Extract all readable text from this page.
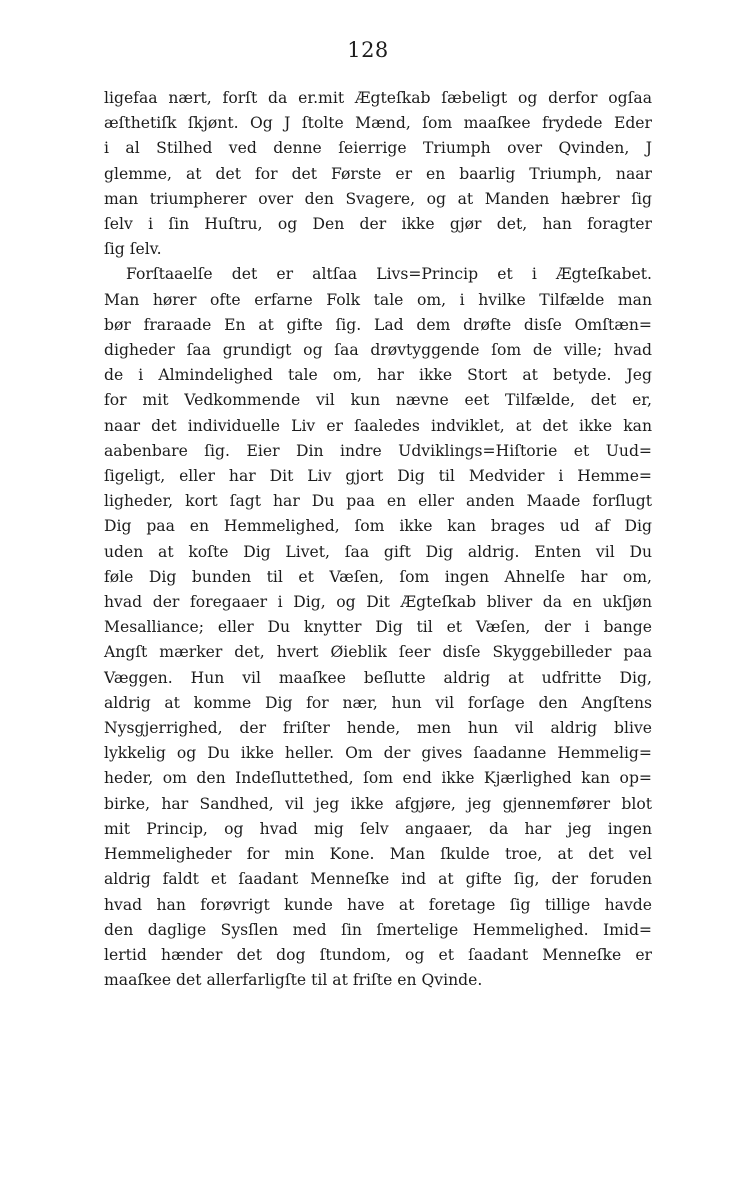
128
ligefaa nært, forſt da er.mit Ægteſkab ſæbeligt og derfor ogſaa
æſthetiſk ſkjønt. Og J ſtolte Mænd, ſom maaſkee frydede Eder
i al Stilhed ved denne ſeierrige Triumph over Qvinden, J
glemme, at det for det Første er en baarlig Triumph, naar
man triumpherer over den Svagere, og at Manden hæbrer ſig
ſelv i ſin Huſtru, og Den der ikke gjør det, han foragter
ſig ſelv.
Forſtaaelſe det er altſaa Livs=Princip et i Ægteſkabet.
Man hører ofte erfarne Folk tale om, i hvilke Tilfælde man
bør fraraade En at gifte ſig. Lad dem drøfte disſe Omſtæn=
digheder ſaa grundigt og ſaa drøvtyggende ſom de ville; hvad
de i Almindelighed tale om, har ikke Stort at betyde. Jeg
for mit Vedkommende vil kun nævne eet Tilfælde, det er,
naar det individuelle Liv er ſaaledes indviklet, at det ikke kan
aabenbare ſig. Eier Din indre Udviklings=Hiſtorie et Uud=
ſigeligt, eller har Dit Liv gjort Dig til Medvider i Hemme=
ligheder, kort ſagt har Du paa en eller anden Maade forſlugt
Dig paa en Hemmelighed, ſom ikke kan brages ud af Dig
uden at koſte Dig Livet, ſaa gift Dig aldrig. Enten vil Du
føle Dig bunden til et Væſen, ſom ingen Ahnelſe har om,
hvad der foregaaer i Dig, og Dit Ægteſkab bliver da en ukſjøn
Mesalliance; eller Du knytter Dig til et Væſen, der i bange
Angſt mærker det, hvert Øieblik ſeer disſe Skyggebilleder paa
Væggen. Hun vil maaſkee beſlutte aldrig at udfritte Dig,
aldrig at komme Dig for nær, hun vil forſage den Angſtens
Nysgjerrighed, der friſter hende, men hun vil aldrig blive
lykkelig og Du ikke heller. Om der gives ſaadanne Hemmelig=
heder, om den Indeſluttethed, ſom end ikke Kjærlighed kan op=
birke, har Sandhed, vil jeg ikke afgjøre, jeg gjennemfører blot
mit Princip, og hvad mig ſelv angaaer, da har jeg ingen
Hemmeligheder for min Kone. Man ſkulde troe, at det vel
aldrig faldt et ſaadant Menneſke ind at gifte ſig, der foruden
hvad han forøvrigt kunde have at foretage ſig tillige havde
den daglige Sysſlen med ſin ſmertelige Hemmelighed. Imid=
lertid hænder det dog ſtundom, og et ſaadant Menneſke er
maaſkee det allerfarligſte til at friſte en Qvinde.
